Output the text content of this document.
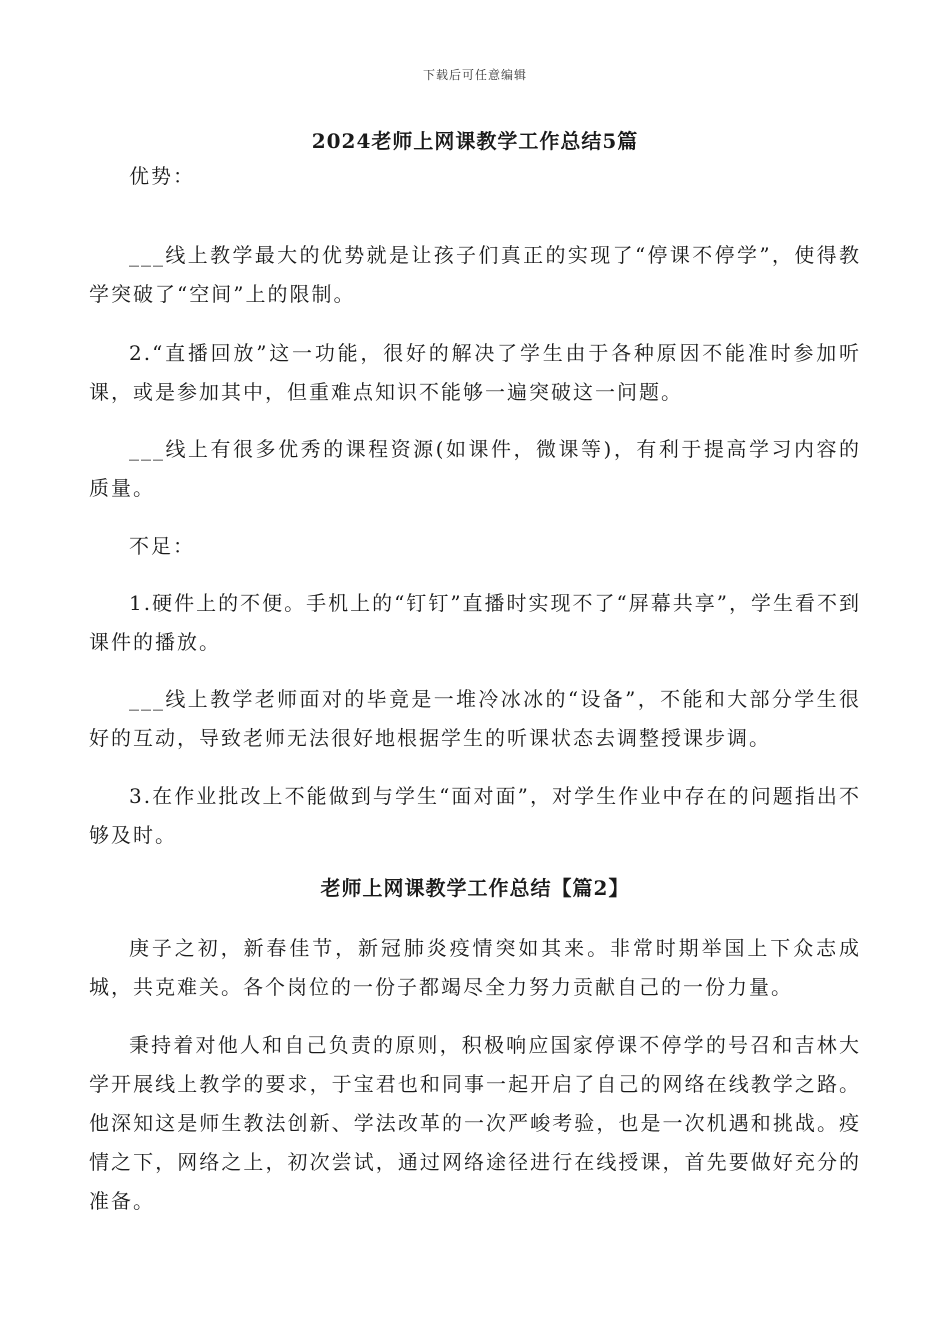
下载后可任意编辑
2024老师上网课教学工作总结5篇

优势：

___线上教学最大的优势就是让孩子们真正的实现了“停课不停学”，使得教学突破了“空间”上的限制。

2.“直播回放”这一功能，很好的解决了学生由于各种原因不能准时参加听课，或是参加其中，但重难点知识不能够一遍突破这一问题。

___线上有很多优秀的课程资源(如课件，微课等)，有利于提高学习内容的质量。

不足：

1.硬件上的不便。手机上的“钉钉”直播时实现不了“屏幕共享”，学生看不到课件的播放。

___线上教学老师面对的毕竟是一堆冷冰冰的“设备”，不能和大部分学生很好的互动，导致老师无法很好地根据学生的听课状态去调整授课步调。

3.在作业批改上不能做到与学生“面对面”，对学生作业中存在的问题指出不够及时。

老师上网课教学工作总结【篇2】

庚子之初，新春佳节，新冠肺炎疫情突如其来。非常时期举国上下众志成城，共克难关。各个岗位的一份子都竭尽全力努力贡献自己的一份力量。

秉持着对他人和自己负责的原则，积极响应国家停课不停学的号召和吉林大学开展线上教学的要求，于宝君也和同事一起开启了自己的网络在线教学之路。他深知这是师生教法创新、学法改革的一次严峻考验，也是一次机遇和挑战。疫情之下，网络之上，初次尝试，通过网络途径进行在线授课，首先要做好充分的准备。
